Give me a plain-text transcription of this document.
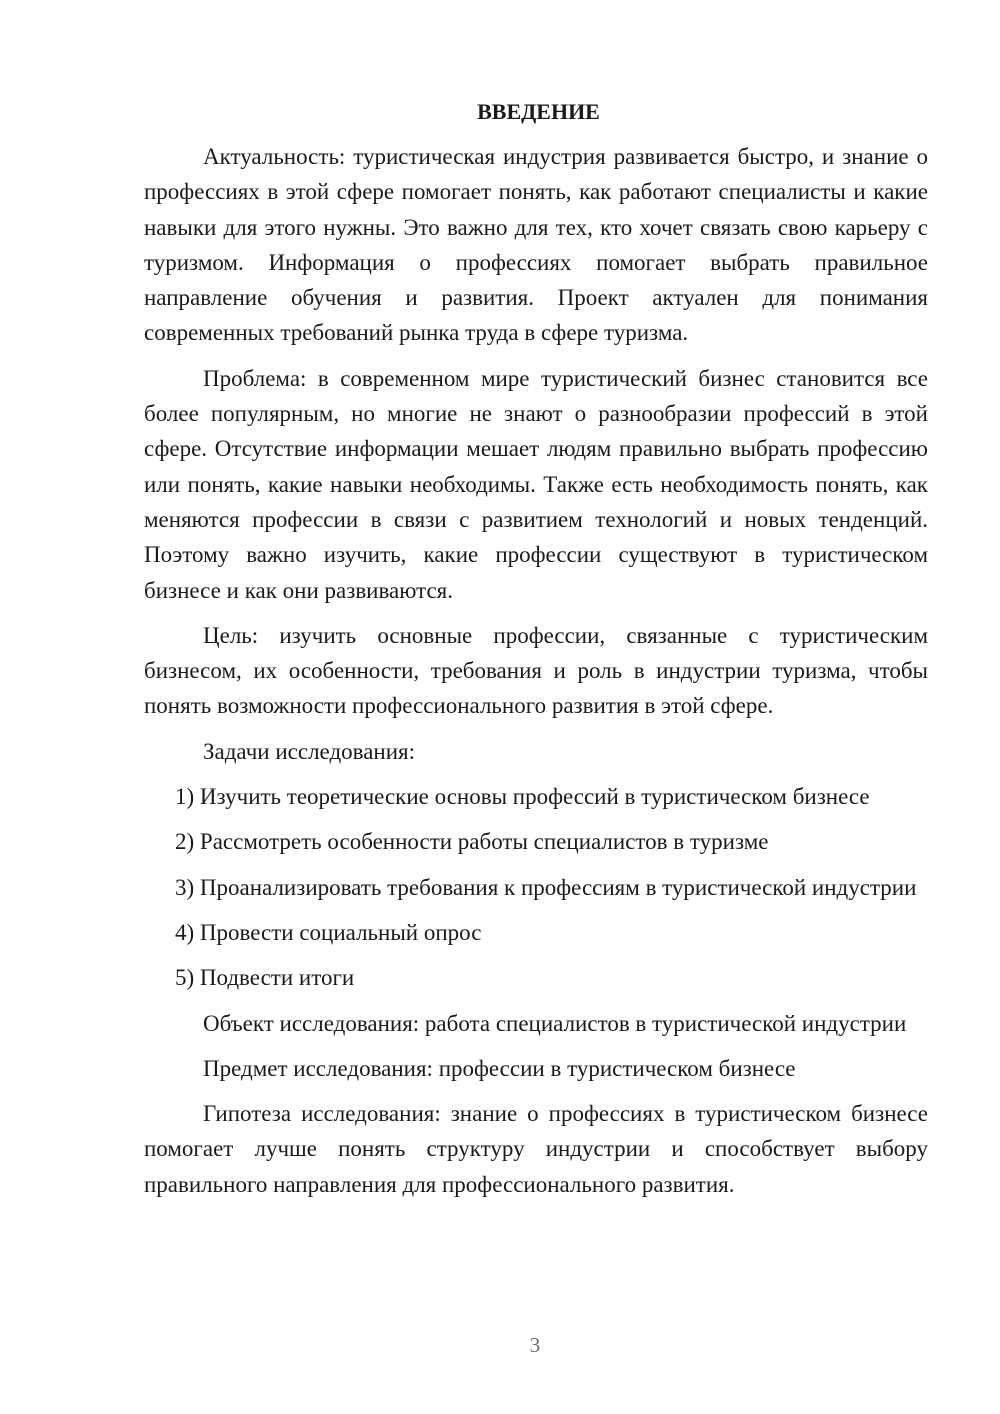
ВВЕДЕНИЕ

Актуальность: туристическая индустрия развивается быстро, и знание о профессиях в этой сфере помогает понять, как работают специалисты и какие навыки для этого нужны. Это важно для тех, кто хочет связать свою карьеру с туризмом. Информация о профессиях помогает выбрать правильное направление обучения и развития. Проект актуален для понимания современных требований рынка труда в сфере туризма.

Проблема: в современном мире туристический бизнес становится все более популярным, но многие не знают о разнообразии профессий в этой сфере. Отсутствие информации мешает людям правильно выбрать профессию или понять, какие навыки необходимы. Также есть необходимость понять, как меняются профессии в связи с развитием технологий и новых тенденций. Поэтому важно изучить, какие профессии существуют в туристическом бизнесе и как они развиваются.

Цель: изучить основные профессии, связанные с туристическим бизнесом, их особенности, требования и роль в индустрии туризма, чтобы понять возможности профессионального развития в этой сфере.

Задачи исследования:

1) Изучить теоретические основы профессий в туристическом бизнесе

2) Рассмотреть особенности работы специалистов в туризме

3) Проанализировать требования к профессиям в туристической индустрии

4) Провести социальный опрос

5) Подвести итоги

Объект исследования: работа специалистов в туристической индустрии

Предмет исследования: профессии в туристическом бизнесе

Гипотеза исследования: знание о профессиях в туристическом бизнесе помогает лучше понять структуру индустрии и способствует выбору правильного направления для профессионального развития.

3
